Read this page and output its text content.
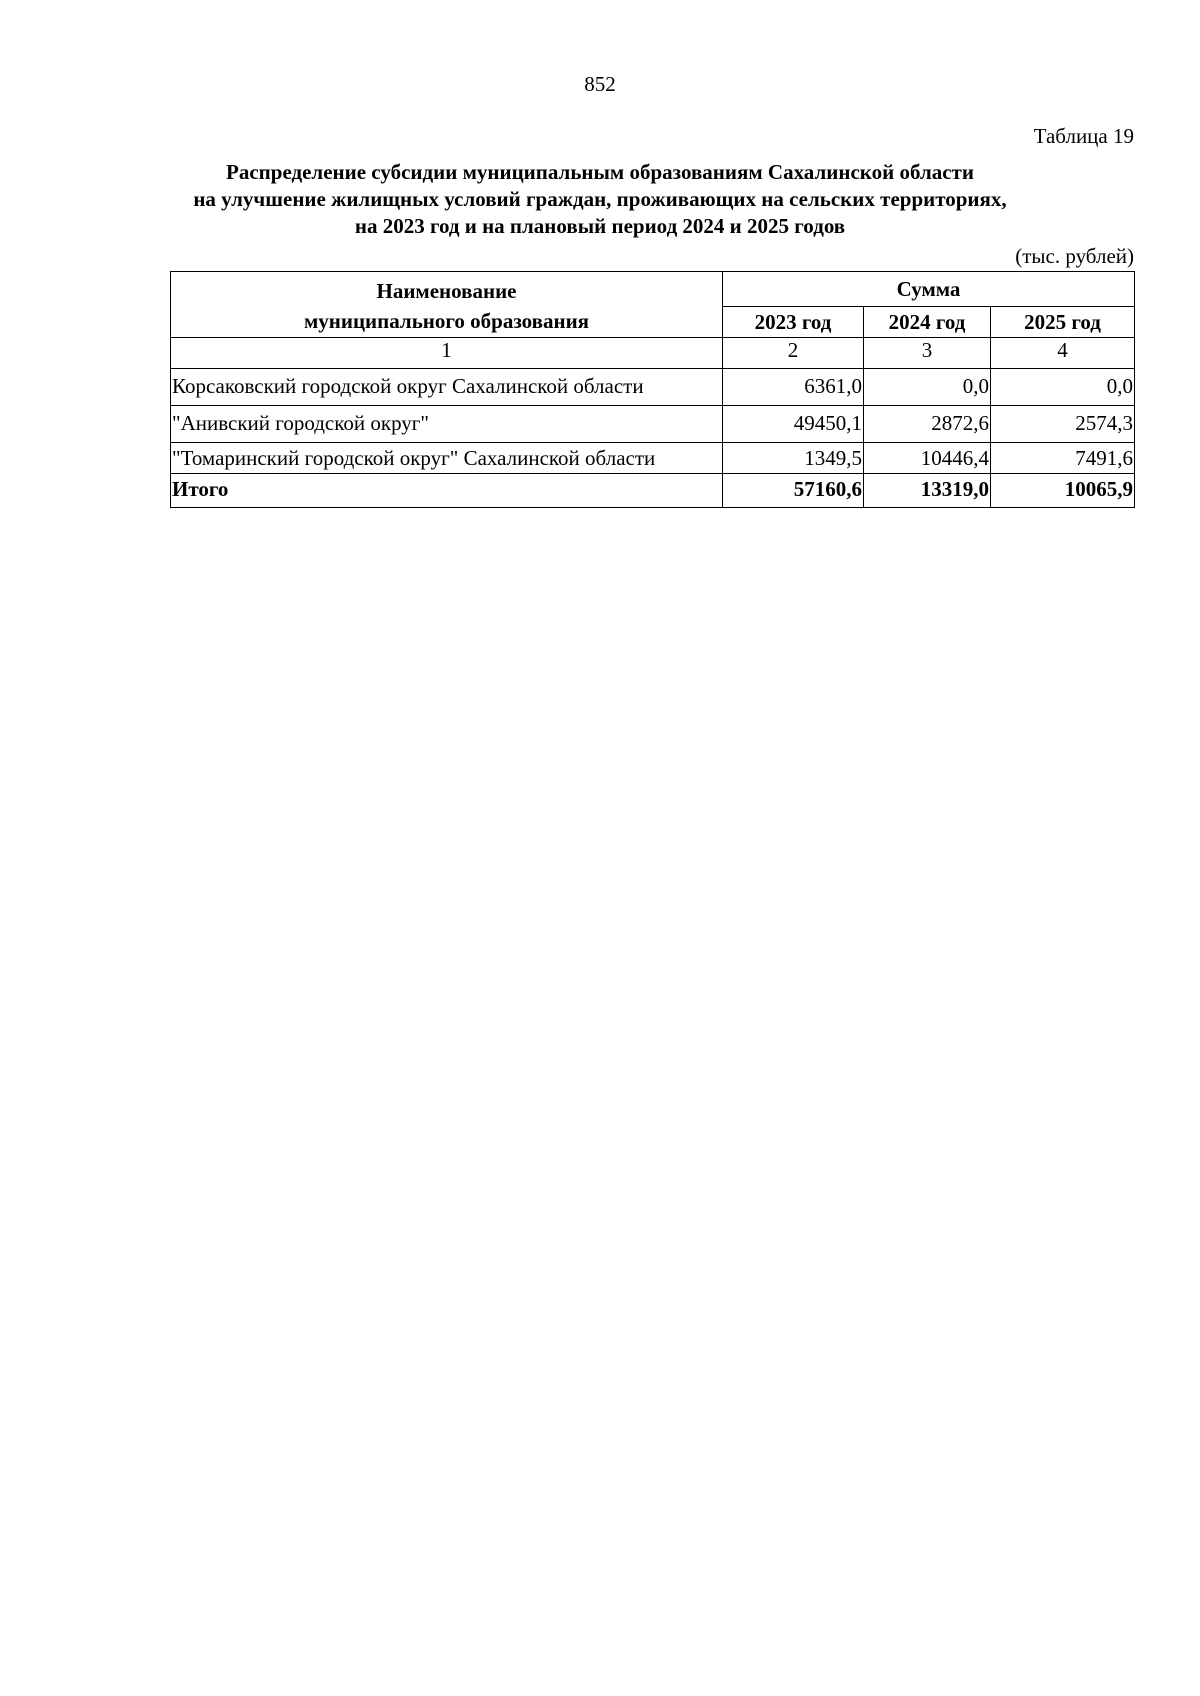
852
Таблица 19
Распределение субсидии муниципальным образованиям Сахалинской области
на улучшение жилищных условий граждан, проживающих на сельских территориях,
на 2023 год и на плановый период 2024 и 2025 годов
(тыс. рублей)
Наименование
муниципального образования	Сумма		
	2023 год	2024 год	2025 год
1	2	3	4
Корсаковский городской округ Сахалинской области	6361,0	0,0	0,0
"Анивский городской округ"	49450,1	2872,6	2574,3
"Томаринский городской округ" Сахалинской области	1349,5	10446,4	7491,6
Итого	57160,6	13319,0	10065,9
